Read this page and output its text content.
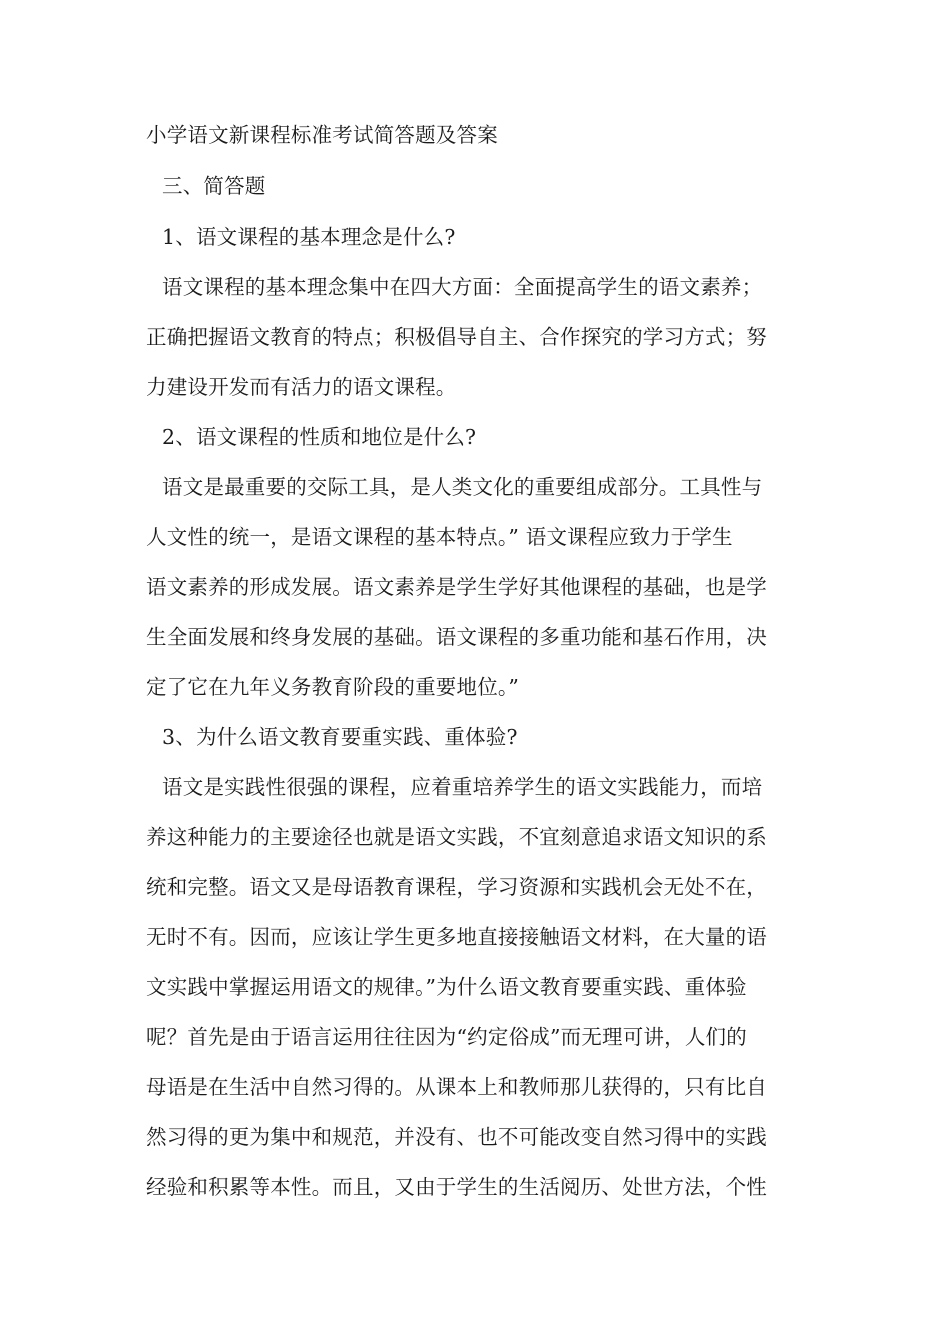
小学语文新课程标准考试简答题及答案
三、简答题
1、语文课程的基本理念是什么?
语文课程的基本理念集中在四大方面：全面提高学生的语文素养；
正确把握语文教育的特点；积极倡导自主、合作探究的学习方式；努
力建设开发而有活力的语文课程。
2、语文课程的性质和地位是什么?
语文是最重要的交际工具，是人类文化的重要组成部分。工具性与
人文性的统一，是语文课程的基本特点。” 语文课程应致力于学生
语文素养的形成发展。语文素养是学生学好其他课程的基础，也是学
生全面发展和终身发展的基础。语文课程的多重功能和基石作用，决
定了它在九年义务教育阶段的重要地位。”
3、为什么语文教育要重实践、重体验?
语文是实践性很强的课程，应着重培养学生的语文实践能力，而培
养这种能力的主要途径也就是语文实践，不宜刻意追求语文知识的系
统和完整。语文又是母语教育课程，学习资源和实践机会无处不在，
无时不有。因而，应该让学生更多地直接接触语文材料，在大量的语
文实践中掌握运用语文的规律。”为什么语文教育要重实践、重体验
呢？首先是由于语言运用往往因为“约定俗成”而无理可讲，人们的
母语是在生活中自然习得的。从课本上和教师那儿获得的，只有比自
然习得的更为集中和规范，并没有、也不可能改变自然习得中的实践
经验和积累等本性。而且，又由于学生的生活阅历、处世方法，个性
